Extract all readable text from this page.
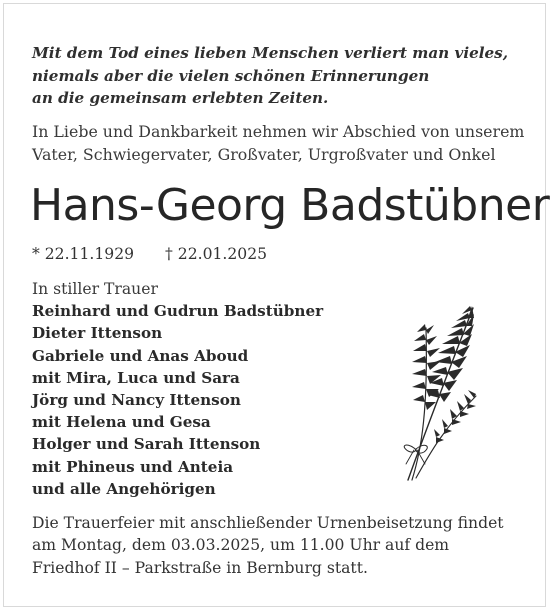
Mit dem Tod eines lieben Menschen verliert man vieles,
niemals aber die vielen schönen Erinnerungen
an die gemeinsam erlebten Zeiten.
In Liebe und Dankbarkeit nehmen wir Abschied von unserem
Vater, Schwiegervater, Großvater, Urgroßvater und Onkel
Hans-Georg Badstübner
* 22.11.1929 † 22.01.2025
In stiller Trauer
Reinhard und Gudrun Badstübner
Dieter Ittenson
Gabriele und Anas Aboud
mit Mira, Luca und Sara
Jörg und Nancy Ittenson
mit Helena und Gesa
Holger und Sarah Ittenson
mit Phineus und Anteia
und alle Angehörigen
Die Trauerfeier mit anschließender Urnenbeisetzung findet
am Montag, dem 03.03.2025, um 11.00 Uhr auf dem
Friedhof II – Parkstraße in Bernburg statt.
